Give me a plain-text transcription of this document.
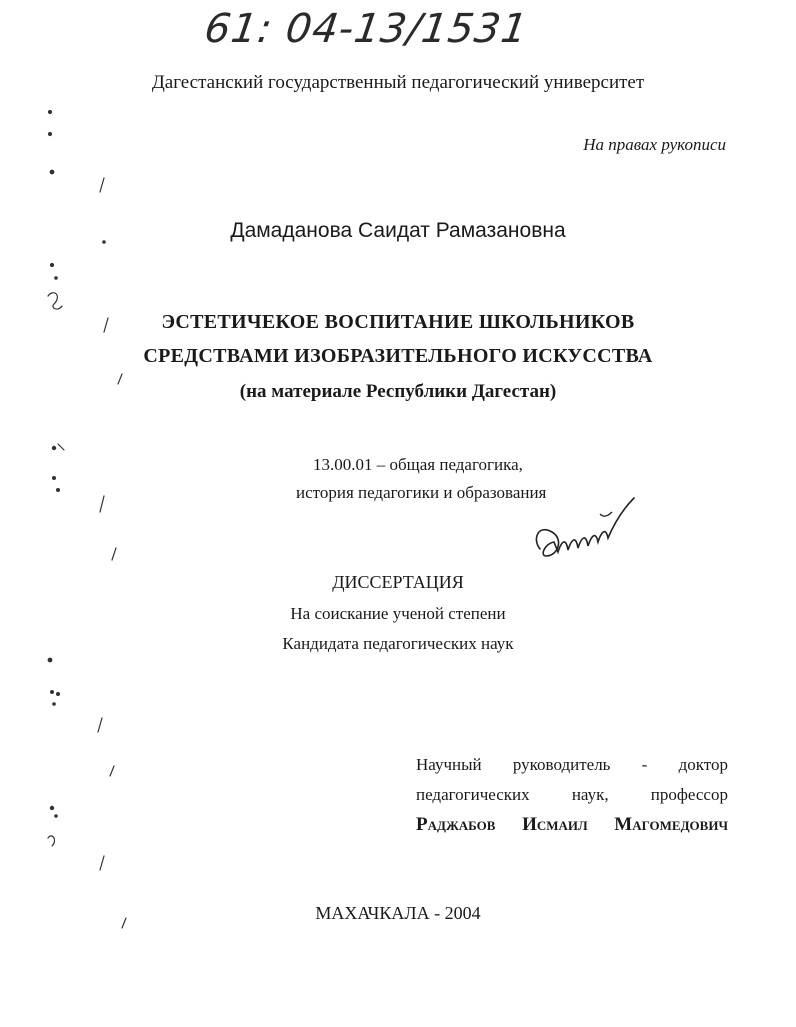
61: 04-13/1531
Дагестанский государственный педагогический университет
На правах рукописи
Дамаданова Саидат Рамазановна
ЭСТЕТИЧЕКОЕ ВОСПИТАНИЕ ШКОЛЬНИКОВ
СРЕДСТВАМИ ИЗОБРАЗИТЕЛЬНОГО ИСКУССТВА
(на материале Республики Дагестан)
13.00.01 – общая педагогика,
история педагогики и образования
ДИССЕРТАЦИЯ
На соискание ученой степени
Кандидата педагогических наук
Научный руководитель - доктор
педагогических наук, профессор
Раджабов Исмаил Магомедович
МАХАЧКАЛА - 2004
